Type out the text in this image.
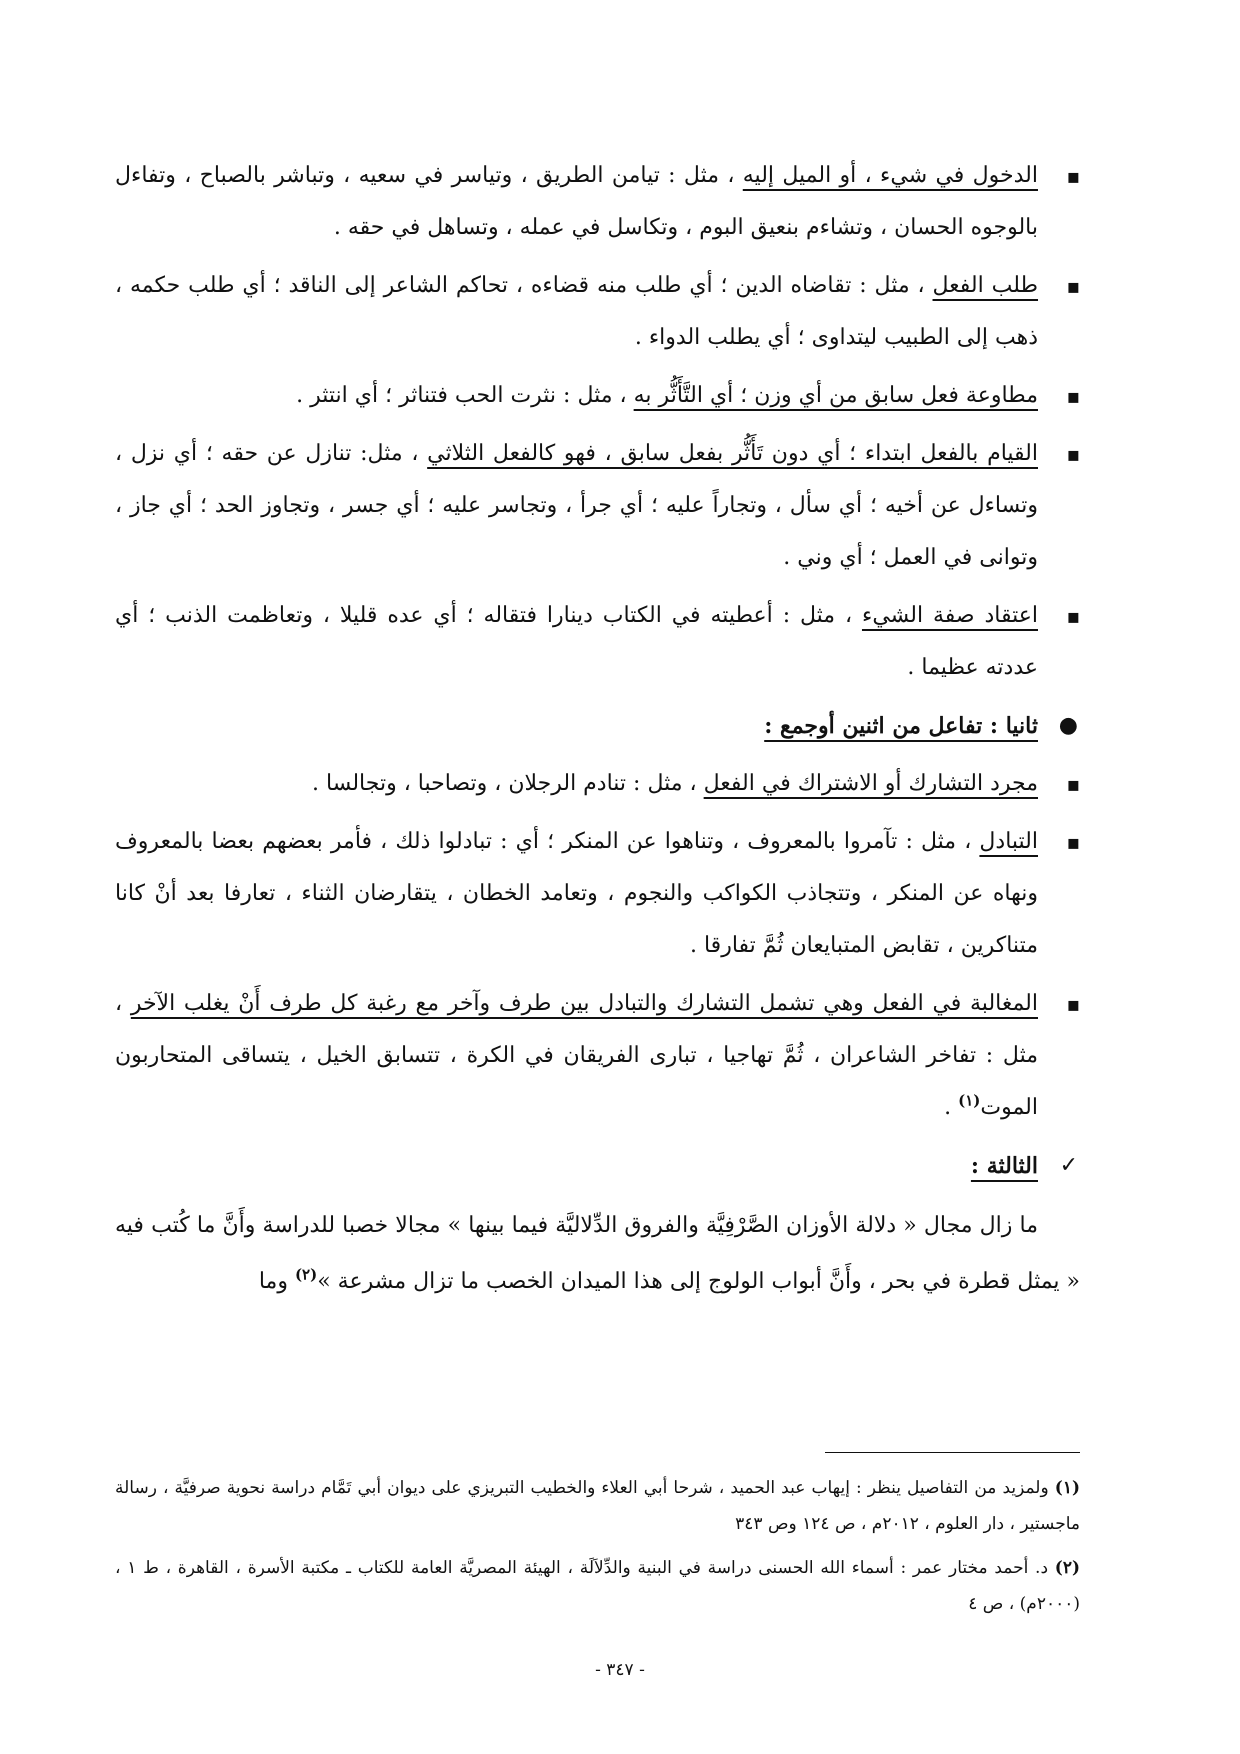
▪ الدخول في شيء ، أو الميل إليه ، مثل : تيامن الطريق ، وتياسر في سعيه ، وتباشر بالصباح ، وتفاءل بالوجوه الحسان ، وتشاءم بنعيق البوم ، وتكاسل في عمله ، وتساهل في حقه .
▪ طلب الفعل ، مثل : تقاضاه الدين ؛ أي طلب منه قضاءه ، تحاكم الشاعر إلى الناقد ؛ أي طلب حكمه ، ذهب إلى الطبيب ليتداوى ؛ أي يطلب الدواء .
▪ مطاوعة فعل سابق من أي وزن ؛ أي التَّأَثُّر به ، مثل : نثرت الحب فتناثر ؛ أي انتثر .
▪ القيام بالفعل ابتداء ؛ أي دون تَأَثُّر بفعل سابق ، فهو كالفعل الثلاثي ، مثل: تنازل عن حقه ؛ أي نزل ، وتساءل عن أخيه ؛ أي سأل ، وتجاراً عليه ؛ أي جرأ ، وتجاسر عليه ؛ أي جسر ، وتجاوز الحد ؛ أي جاز ، وتوانى في العمل ؛ أي وني .
▪ اعتقاد صفة الشيء ، مثل : أعطيته في الكتاب دينارا فتقاله ؛ أي عده قليلا ، وتعاظمت الذنب ؛ أي عددته عظيما .
●
ثانيا : تفاعل من اثنين أوجمع :
▪ مجرد التشارك أو الاشتراك في الفعل ، مثل : تنادم الرجلان ، وتصاحبا ، وتجالسا .
▪ التبادل ، مثل : تآمروا بالمعروف ، وتناهوا عن المنكر ؛ أي : تبادلوا ذلك ، فأمر بعضهم بعضا بالمعروف ونهاه عن المنكر ، وتتجاذب الكواكب والنجوم ، وتعامد الخطان ، يتقارضان الثناء ، تعارفا بعد أنْ كانا متناكرين ، تقابض المتبايعان ثُمَّ تفارقا .
▪ المغالبة في الفعل وهي تشمل التشارك والتبادل بين طرف وآخر مع رغبة كل طرف أَنْ يغلب الآخر ، مثل : تفاخر الشاعران ، ثُمَّ تهاجيا ، تبارى الفريقان في الكرة ، تتسابق الخيل ، يتساقى المتحاربون الموت$^{(١)}$ .
✓
الثالثة :

ما زال مجال « دلالة الأوزان الصَّرْفِيَّة والفروق الدِّلاليَّة فيما بينها » مجالا خصبا للدراسة وأَنَّ ما كُتب فيه « يمثل قطرة في بحر ، وأَنَّ أبواب الولوج إلى هذا الميدان الخصب ما تزال مشرعة »$^{(٢)}$ وما

(١) ولمزيد من التفاصيل ينظر : إيهاب عبد الحميد ، شرحا أبي العلاء والخطيب التبريزي على ديوان أبي تَمَّام دراسة نحوية صرفيَّة ، رسالة ماجستير ، دار العلوم ، ٢٠١٢م ، ص ١٢٤ وص ٣٤٣

(٢) د. أحمد مختار عمر : أسماء الله الحسنى دراسة في البنية والدِّلاَلَة ، الهيئة المصريَّة العامة للكتاب ـ مكتبة الأسرة ، القاهرة ، ط ١ ، (٢٠٠٠م) ، ص ٤

- ٣٤٧ -
